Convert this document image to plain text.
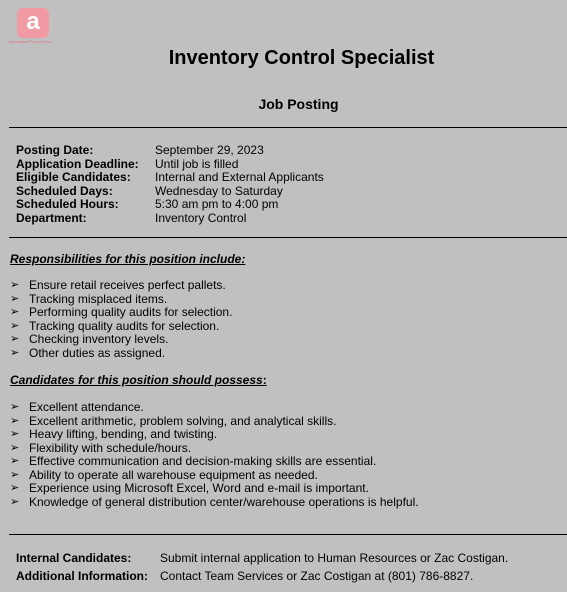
a
Associated Food Stores
Inventory Control Specialist
Job Posting
Posting Date:	September 29, 2023
Application Deadline:	Until job is filled
Eligible Candidates:	Internal and External Applicants
Scheduled Days:	Wednesday to Saturday
Scheduled Hours:	5:30 am pm to 4:00 pm
Department:	Inventory Control
Responsibilities for this position include:
➢ Ensure retail receives perfect pallets.
➢ Tracking misplaced items.
➢ Performing quality audits for selection.
➢ Tracking quality audits for selection.
➢ Checking inventory levels.
➢ Other duties as assigned.
Candidates for this position should possess:
➢ Excellent attendance.
➢ Excellent arithmetic, problem solving, and analytical skills.
➢ Heavy lifting, bending, and twisting.
➢ Flexibility with schedule/hours.
➢ Effective communication and decision-making skills are essential.
➢ Ability to operate all warehouse equipment as needed.
➢ Experience using Microsoft Excel, Word and e-mail is important.
➢ Knowledge of general distribution center/warehouse operations is helpful.
Internal Candidates:	Submit internal application to Human Resources or Zac Costigan.
Additional Information:	Contact Team Services or Zac Costigan at (801) 786-8827.
